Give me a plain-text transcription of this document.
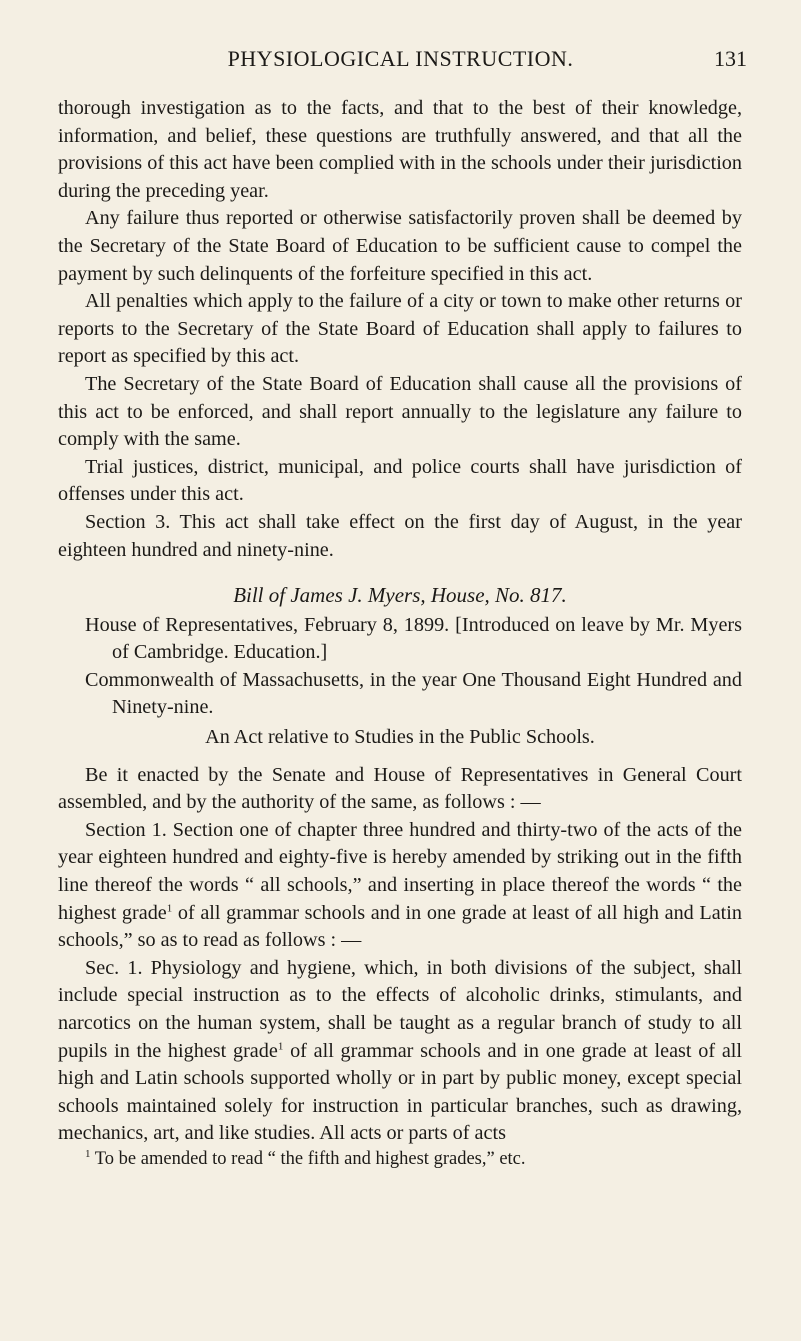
PHYSIOLOGICAL INSTRUCTION.	131

thorough investigation as to the facts, and that to the best of their knowledge, information, and belief, these questions are truthfully answered, and that all the provisions of this act have been complied with in the schools under their jurisdiction during the preceding year.

Any failure thus reported or otherwise satisfactorily proven shall be deemed by the Secretary of the State Board of Education to be sufficient cause to compel the payment by such delinquents of the forfeiture specified in this act.

All penalties which apply to the failure of a city or town to make other returns or reports to the Secretary of the State Board of Education shall apply to failures to report as specified by this act.

The Secretary of the State Board of Education shall cause all the provisions of this act to be enforced, and shall report annually to the legislature any failure to comply with the same.

Trial justices, district, municipal, and police courts shall have jurisdiction of offenses under this act.

Section 3. This act shall take effect on the first day of August, in the year eighteen hundred and ninety-nine.

Bill of James J. Myers, House, No. 817.

House of Representatives, February 8, 1899. [Introduced on leave by Mr. Myers of Cambridge. Education.]

Commonwealth of Massachusetts, in the year One Thousand Eight Hundred and Ninety-nine.

An Act relative to Studies in the Public Schools.

Be it enacted by the Senate and House of Representatives in General Court assembled, and by the authority of the same, as follows : —

Section 1. Section one of chapter three hundred and thirty-two of the acts of the year eighteen hundred and eighty-five is hereby amended by striking out in the fifth line thereof the words “ all schools,” and inserting in place thereof the words “ the highest grade$^1$ of all grammar schools and in one grade at least of all high and Latin schools,” so as to read as follows : —

Sec. 1. Physiology and hygiene, which, in both divisions of the subject, shall include special instruction as to the effects of alcoholic drinks, stimulants, and narcotics on the human system, shall be taught as a regular branch of study to all pupils in the highest grade$^1$ of all grammar schools and in one grade at least of all high and Latin schools supported wholly or in part by public money, except special schools maintained solely for instruction in particular branches, such as drawing, mechanics, art, and like studies. All acts or parts of acts

$^1$ To be amended to read “ the fifth and highest grades,” etc.
